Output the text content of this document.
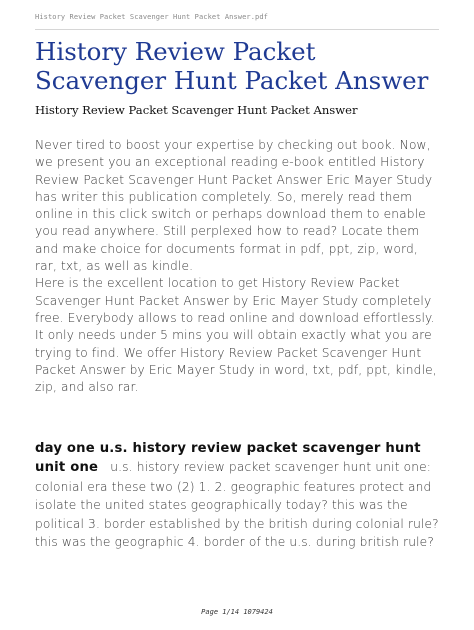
History Review Packet Scavenger Hunt Packet Answer.pdf
History Review Packet Scavenger Hunt Packet Answer
History Review Packet Scavenger Hunt Packet Answer

Never tired to boost your expertise by checking out book. Now, we present you an exceptional reading e-book entitled History Review Packet Scavenger Hunt Packet Answer Eric Mayer Study has writer this publication completely. So, merely read them online in this click switch or perhaps download them to enable you read anywhere. Still perplexed how to read? Locate them and make choice for documents format in pdf, ppt, zip, word, rar, txt, as well as kindle.

Here is the excellent location to get History Review Packet Scavenger Hunt Packet Answer by Eric Mayer Study completely free. Everybody allows to read online and download effortlessly. It only needs under 5 mins you will obtain exactly what you are trying to find. We offer History Review Packet Scavenger Hunt Packet Answer by Eric Mayer Study in word, txt, pdf, ppt, kindle, zip, and also rar.

day one u.s. history review packet scavenger hunt unit one u.s. history review packet scavenger hunt unit one: colonial era these two (2) 1. 2. geographic features protect and isolate the united states geographically today? this was the political 3. border established by the british during colonial rule? this was the geographic 4. border of the u.s. during british rule?

Page 1/14 1079424
